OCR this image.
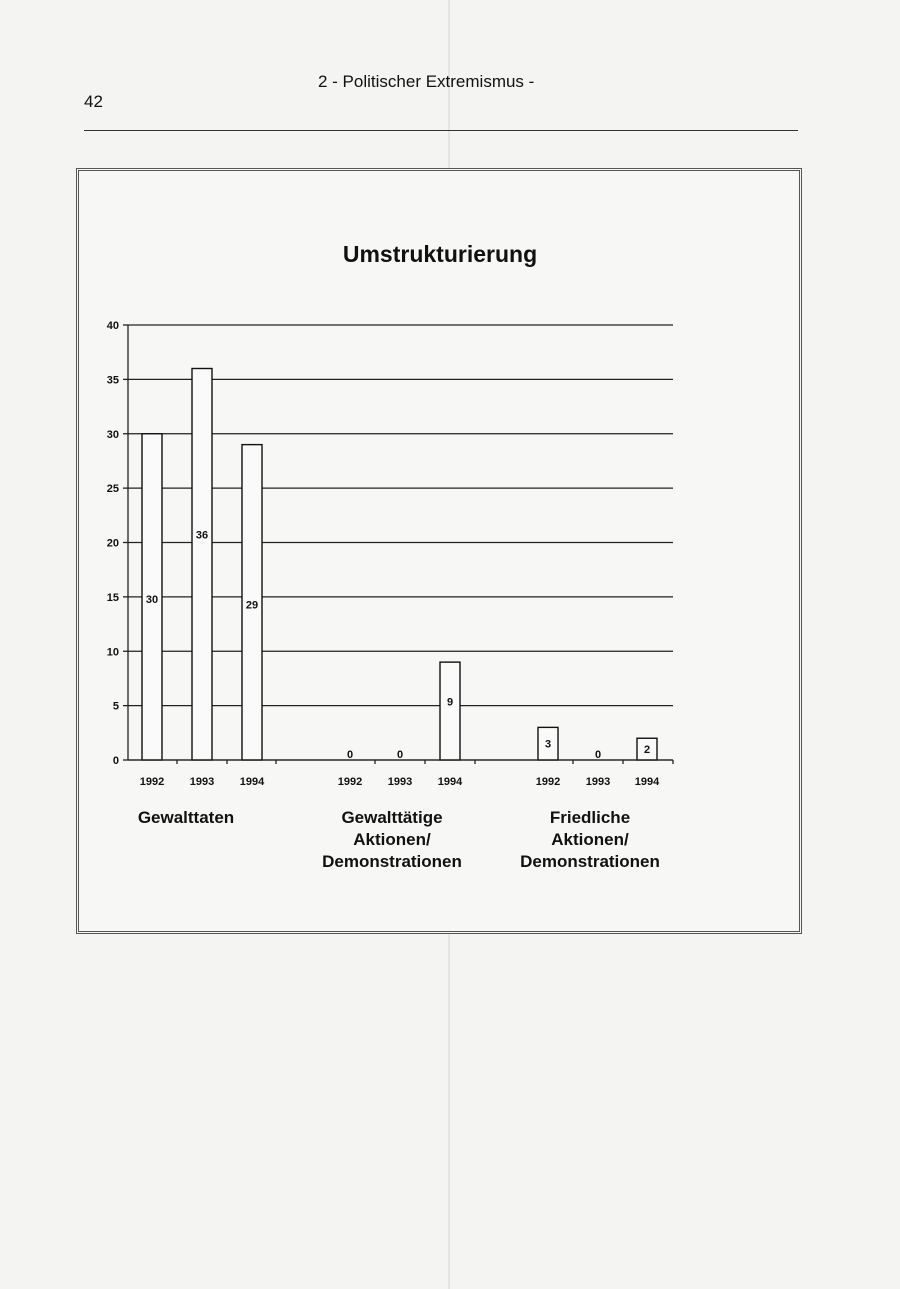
42
2 - Politischer Extremismus -
Umstrukturierung
0
5
10
15
20
25
30
35
40
30
1992
36
1993
29
1994
Gewalttaten
0
1992
0
1993
9
1994
Gewalttätige
Aktionen/
Demonstrationen
3
1992
0
1993
2
1994
Friedliche
Aktionen/
Demonstrationen
